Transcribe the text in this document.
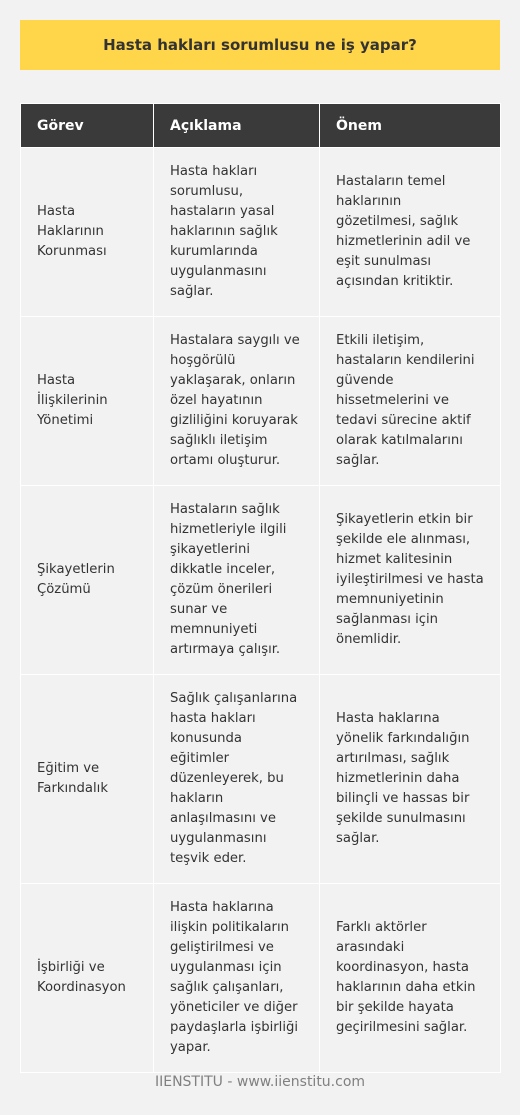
Hasta hakları sorumlusu ne iş yapar?
Görev	Açıklama	Önem
Hasta Haklarının Korunması	Hasta hakları sorumlusu, hastaların yasal haklarının sağlık kurumlarında uygulanmasını sağlar.	Hastaların temel haklarının gözetilmesi, sağlık hizmetlerinin adil ve eşit sunulması açısından kritiktir.
Hasta İlişkilerinin Yönetimi	Hastalara saygılı ve hoşgörülü yaklaşarak, onların özel hayatının gizliliğini koruyarak sağlıklı iletişim ortamı oluşturur.	Etkili iletişim, hastaların kendilerini güvende hissetmelerini ve tedavi sürecine aktif olarak katılmalarını sağlar.
Şikayetlerin Çözümü	Hastaların sağlık hizmetleriyle ilgili şikayetlerini dikkatle inceler, çözüm önerileri sunar ve memnuniyeti artırmaya çalışır.	Şikayetlerin etkin bir şekilde ele alınması, hizmet kalitesinin iyileştirilmesi ve hasta memnuniyetinin sağlanması için önemlidir.
Eğitim ve Farkındalık	Sağlık çalışanlarına hasta hakları konusunda eğitimler düzenleyerek, bu hakların anlaşılmasını ve uygulanmasını teşvik eder.	Hasta haklarına yönelik farkındalığın artırılması, sağlık hizmetlerinin daha bilinçli ve hassas bir şekilde sunulmasını sağlar.
İşbirliği ve Koordinasyon	Hasta haklarına ilişkin politikaların geliştirilmesi ve uygulanması için sağlık çalışanları, yöneticiler ve diğer paydaşlarla işbirliği yapar.	Farklı aktörler arasındaki koordinasyon, hasta haklarının daha etkin bir şekilde hayata geçirilmesini sağlar.
IIENSTITU - www.iienstitu.com
